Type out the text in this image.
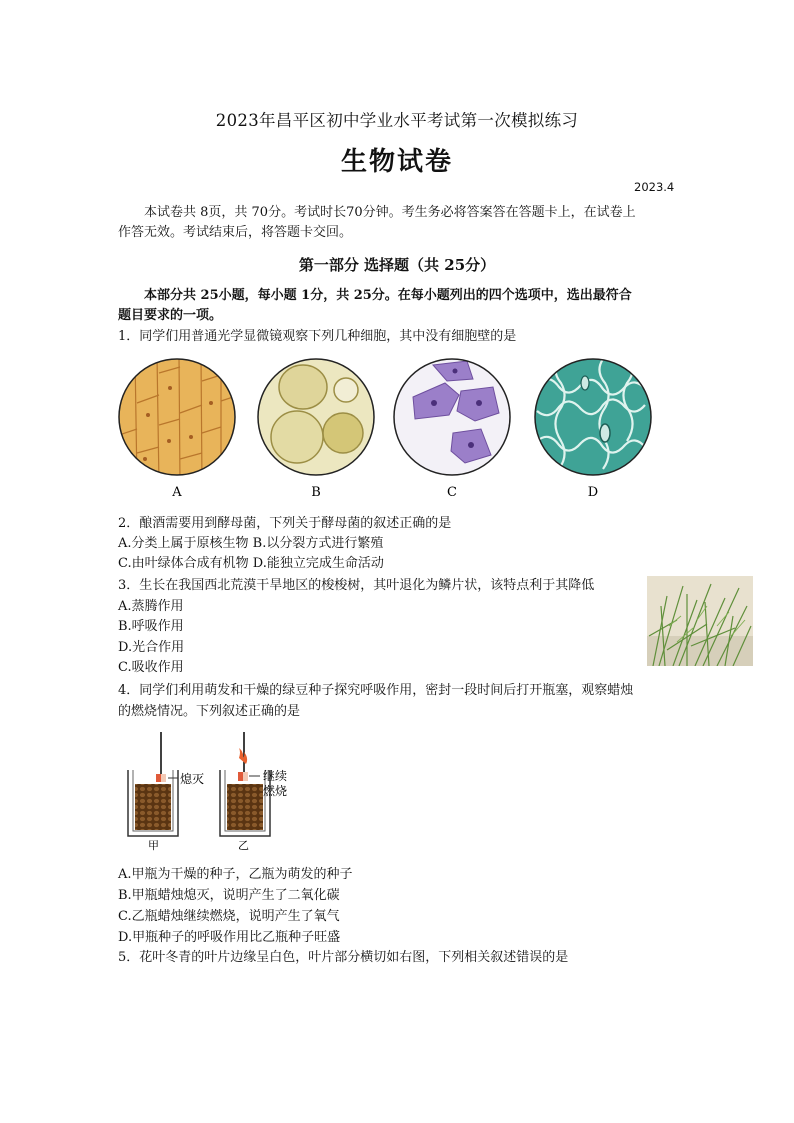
2023年昌平区初中学业水平考试第一次模拟练习
生物试卷
2023.4
本试卷共 8页，共 70分。考试时长70分钟。考生务必将答案答在答题卡上，在试卷上
作答无效。考试结束后，将答题卡交回。
第一部分 选择题（共 25分）
本部分共 25小题，每小题 1分，共 25分。在每小题列出的四个选项中，选出最符合
题目要求的一项。
1．同学们用普通光学显微镜观察下列几种细胞，其中没有细胞壁的是
A	B	C	D
2．酿酒需要用到酵母菌，下列关于酵母菌的叙述正确的是
A.分类上属于原核生物 B.以分裂方式进行繁殖
C.由叶绿体合成有机物 D.能独立完成生命活动
3．生长在我国西北荒漠干旱地区的梭梭树，其叶退化为鳞片状，该特点利于其降低
A.蒸腾作用
B.呼吸作用
D.光合作用
C.吸收作用
4．同学们利用萌发和干燥的绿豆种子探究呼吸作用，密封一段时间后打开瓶塞，观察蜡烛
的燃烧情况。下列叙述正确的是
熄灭
甲
继续
燃烧
乙
A.甲瓶为干燥的种子，乙瓶为萌发的种子
B.甲瓶蜡烛熄灭，说明产生了二氧化碳
C.乙瓶蜡烛继续燃烧，说明产生了氧气
D.甲瓶种子的呼吸作用比乙瓶种子旺盛
5．花叶冬青的叶片边缘呈白色，叶片部分横切如右图，下列相关叙述错误的是
